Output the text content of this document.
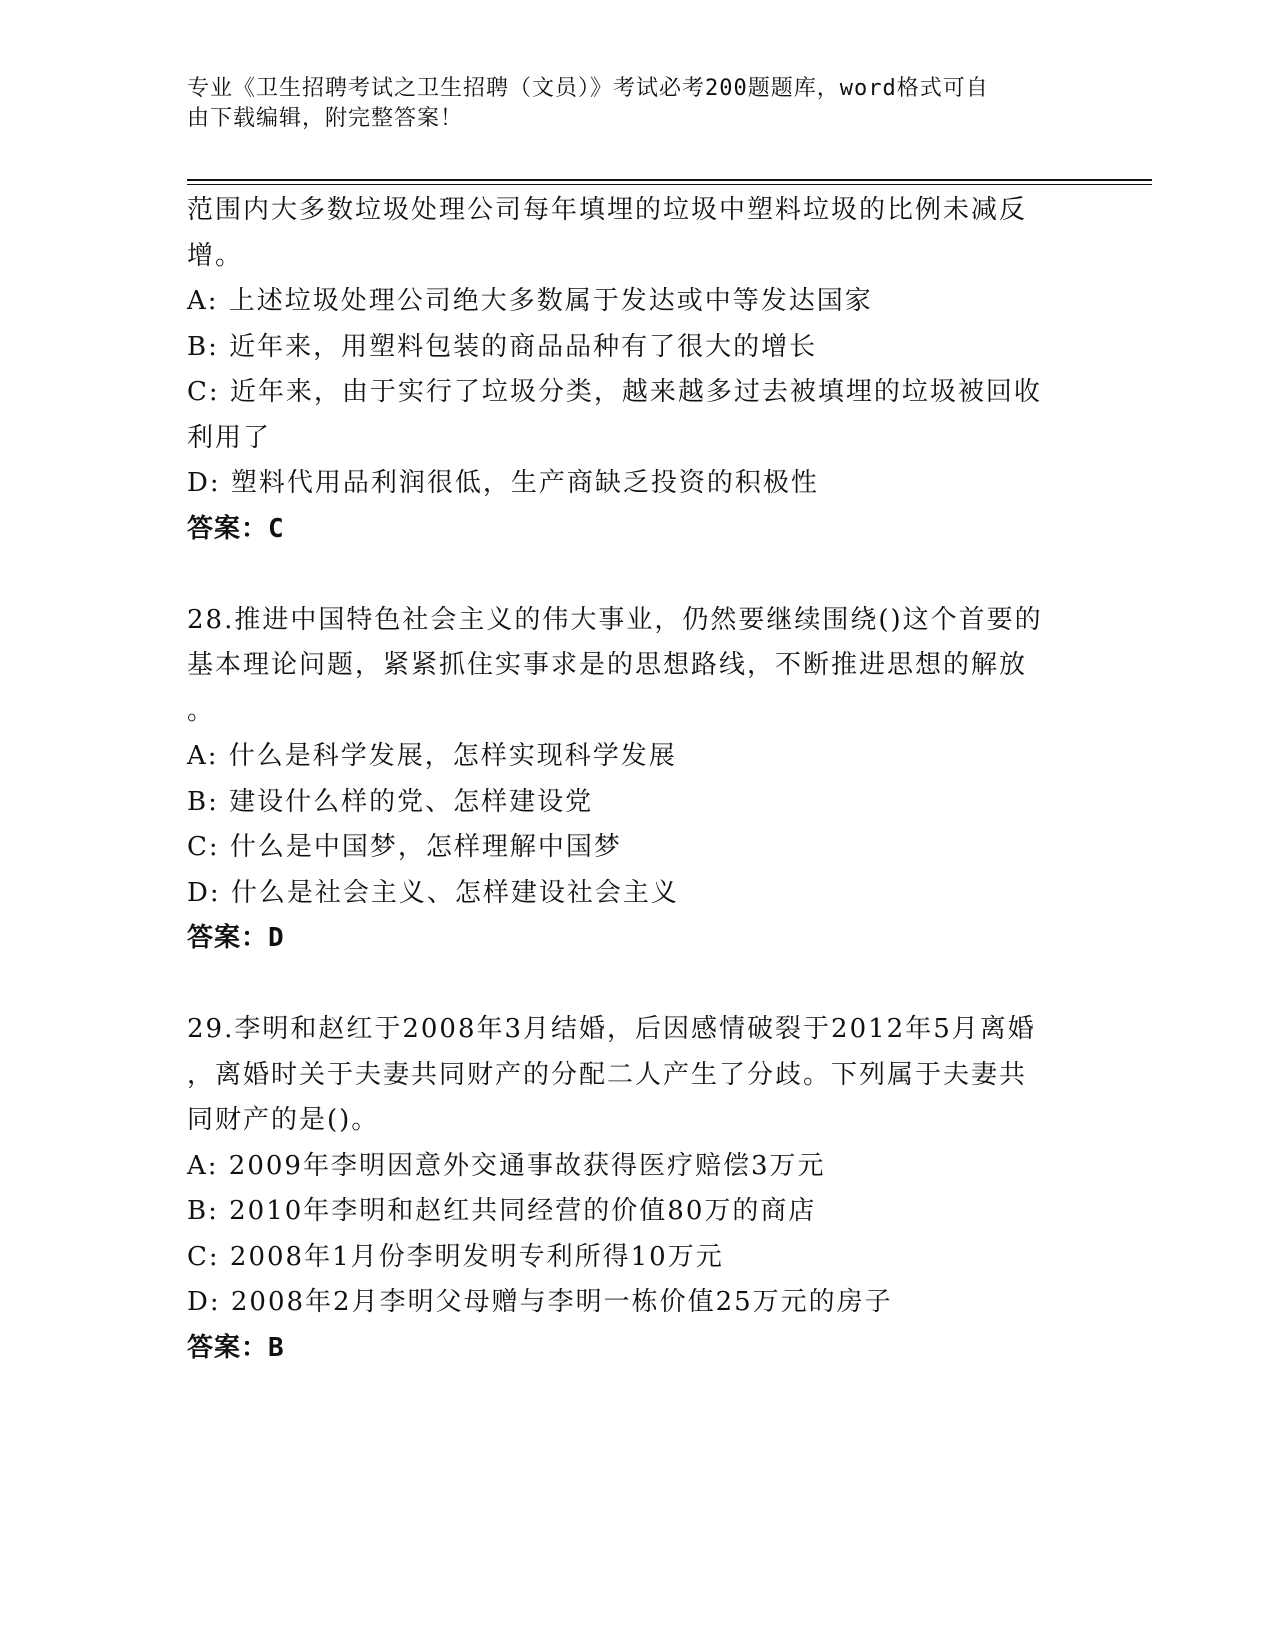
专业《卫生招聘考试之卫生招聘（文员）》考试必考200题题库，word格式可自
由下载编辑，附完整答案！
范围内大多数垃圾处理公司每年填埋的垃圾中塑料垃圾的比例未减反
增。
A: 上述垃圾处理公司绝大多数属于发达或中等发达国家
B: 近年来，用塑料包装的商品品种有了很大的增长
C: 近年来，由于实行了垃圾分类，越来越多过去被填埋的垃圾被回收
利用了
D: 塑料代用品利润很低，生产商缺乏投资的积极性
答案：C
28.推进中国特色社会主义的伟大事业，仍然要继续围绕()这个首要的
基本理论问题，紧紧抓住实事求是的思想路线，不断推进思想的解放
。
A: 什么是科学发展，怎样实现科学发展
B: 建设什么样的党、怎样建设党
C: 什么是中国梦，怎样理解中国梦
D: 什么是社会主义、怎样建设社会主义
答案：D
29.李明和赵红于2008年3月结婚，后因感情破裂于2012年5月离婚
，离婚时关于夫妻共同财产的分配二人产生了分歧。下列属于夫妻共
同财产的是()。
A: 2009年李明因意外交通事故获得医疗赔偿3万元
B: 2010年李明和赵红共同经营的价值80万的商店
C: 2008年1月份李明发明专利所得10万元
D: 2008年2月李明父母赠与李明一栋价值25万元的房子
答案：B
